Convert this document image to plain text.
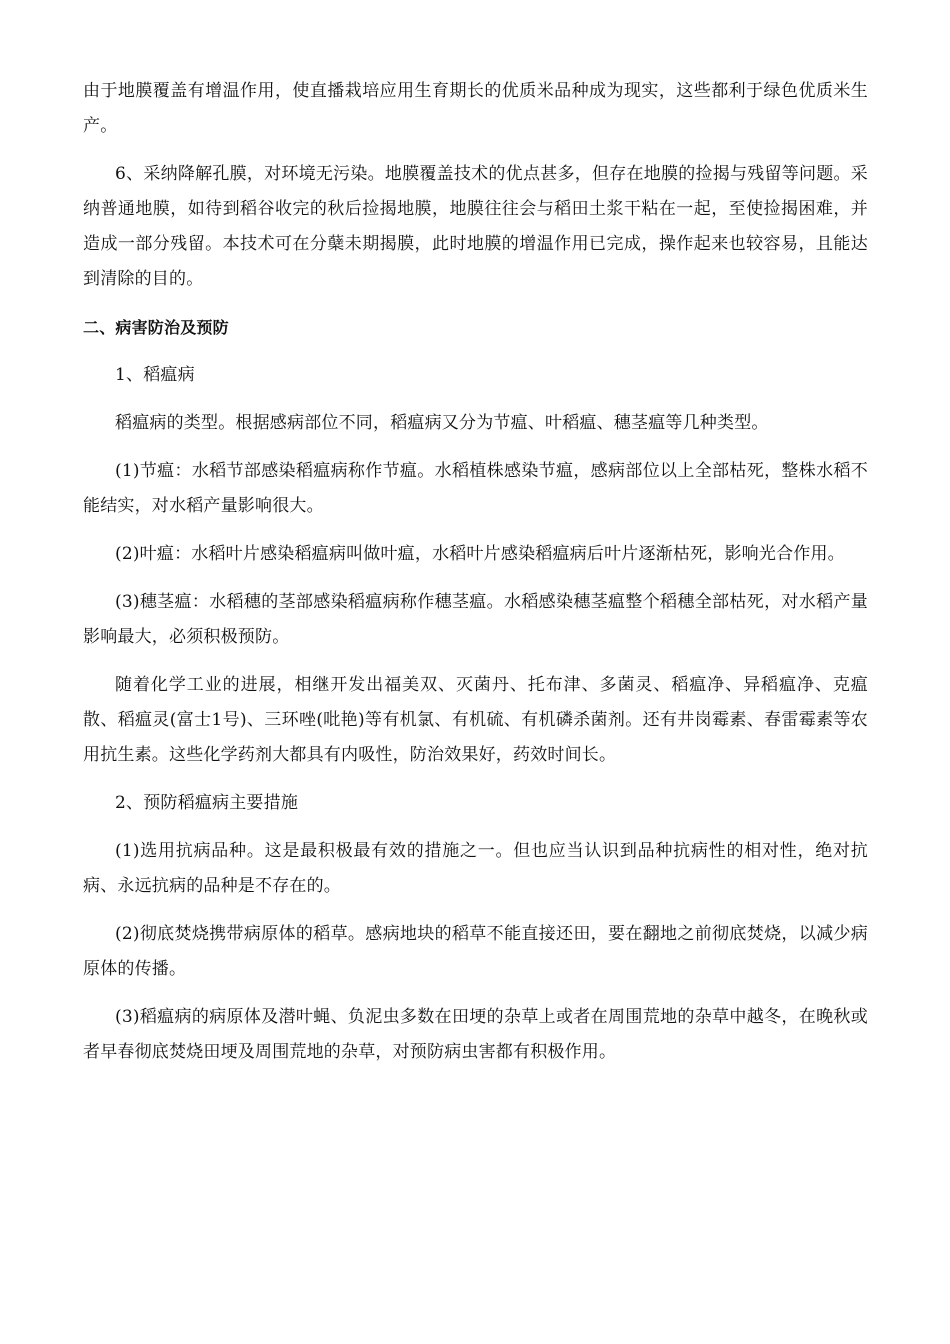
由于地膜覆盖有增温作用，使直播栽培应用生育期长的优质米品种成为现实，这些都利于绿色优质米生产。

6、采纳降解孔膜，对环境无污染。地膜覆盖技术的优点甚多，但存在地膜的捡揭与残留等问题。采纳普通地膜，如待到稻谷收完的秋后捡揭地膜，地膜往往会与稻田土浆干粘在一起，至使捡揭困难，并造成一部分残留。本技术可在分蘖未期揭膜，此时地膜的增温作用已完成，操作起来也较容易，且能达到清除的目的。

二、病害防治及预防

1、稻瘟病

稻瘟病的类型。根据感病部位不同，稻瘟病又分为节瘟、叶稻瘟、穗茎瘟等几种类型。

(1)节瘟：水稻节部感染稻瘟病称作节瘟。水稻植株感染节瘟，感病部位以上全部枯死，整株水稻不能结实，对水稻产量影响很大。

(2)叶瘟：水稻叶片感染稻瘟病叫做叶瘟，水稻叶片感染稻瘟病后叶片逐渐枯死，影响光合作用。

(3)穗茎瘟：水稻穗的茎部感染稻瘟病称作穗茎瘟。水稻感染穗茎瘟整个稻穗全部枯死，对水稻产量影响最大，必须积极预防。

随着化学工业的进展，相继开发出福美双、灭菌丹、托布津、多菌灵、稻瘟净、异稻瘟净、克瘟散、稻瘟灵(富士1号)、三环唑(吡艳)等有机氯、有机硫、有机磷杀菌剂。还有井岗霉素、春雷霉素等农用抗生素。这些化学药剂大都具有内吸性，防治效果好，药效时间长。

2、预防稻瘟病主要措施

(1)选用抗病品种。这是最积极最有效的措施之一。但也应当认识到品种抗病性的相对性，绝对抗病、永远抗病的品种是不存在的。

(2)彻底焚烧携带病原体的稻草。感病地块的稻草不能直接还田，要在翻地之前彻底焚烧，以减少病原体的传播。

(3)稻瘟病的病原体及潜叶蝇、负泥虫多数在田埂的杂草上或者在周围荒地的杂草中越冬，在晚秋或者早春彻底焚烧田埂及周围荒地的杂草，对预防病虫害都有积极作用。
